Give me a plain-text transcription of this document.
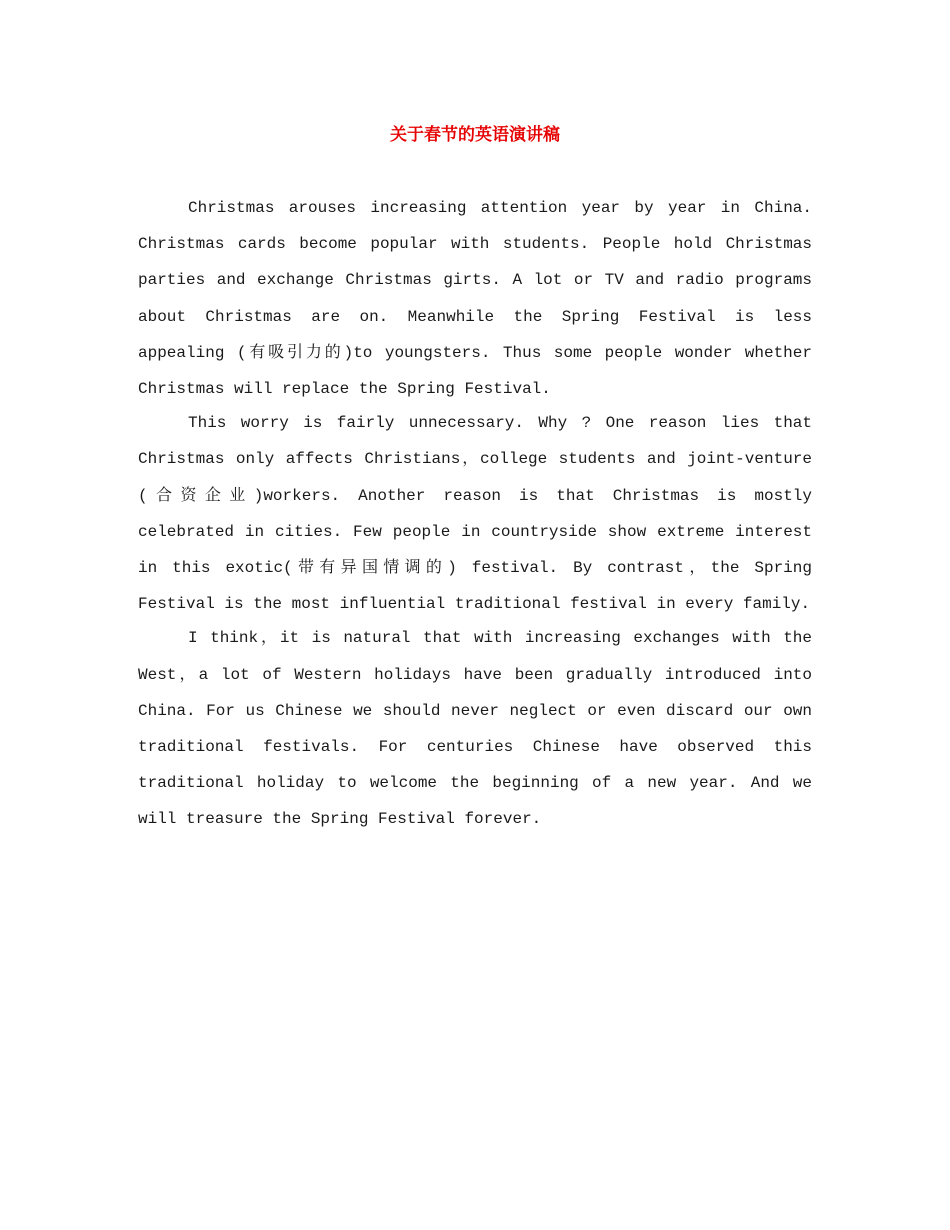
关于春节的英语演讲稿

Christmas arouses increasing attention year by year in China. Christmas cards become popular with students. People hold Christmas parties and exchange Christmas girts. A lot or TV and radio programs about Christmas are on. Meanwhile the Spring Festival is less appealing (有吸引力的)to youngsters. Thus some people wonder whether Christmas will replace the Spring Festival.

This worry is fairly unnecessary. Why ? One reason lies that Christmas only affects Christians，college students and joint-venture (合资企业)workers. Another reason is that Christmas is mostly celebrated in cities. Few people in countryside show extreme interest in this exotic(带有异国情调的) festival. By contrast，the Spring Festival is the most influential traditional festival in every family.

I think，it is natural that with increasing exchanges with the West，a lot of Western holidays have been gradually introduced into China. For us Chinese we should never neglect or even discard our own traditional festivals. For centuries Chinese have observed this traditional holiday to welcome the beginning of a new year. And we will treasure the Spring Festival forever.
